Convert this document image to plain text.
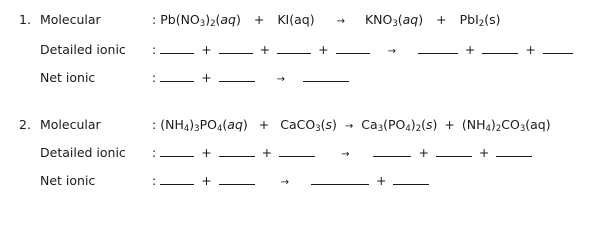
1. Molecular	: $Pb(NO_3)_2(aq) + KI(aq) \to KNO_3(aq) + PbI_2(s)$
Detailed ionic :	+	+	+	→	+	+
Net ionic	:	+	→
2. Molecular	: $(NH_4)_3PO_4(aq)$ + CaCO$_3$(s) → $Ca_3(PO_4)_2(s) + (NH_4)_2CO_3(aq)$
Detailed ionic :	+	+	→	+	+
Net ionic	:	+	→	+
